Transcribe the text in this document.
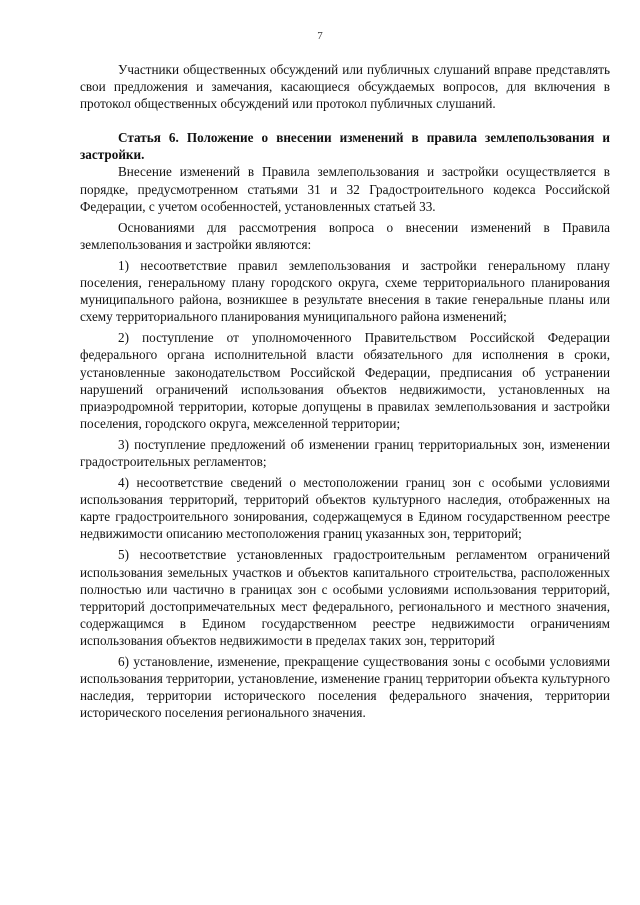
7

Участники общественных обсуждений или публичных слушаний вправе представлять свои предложения и замечания, касающиеся обсуждаемых вопросов, для включения в протокол общественных обсуждений или протокол публичных слушаний.

Статья 6. Положение о внесении изменений в правила землепользования и застройки.

Внесение изменений в Правила землепользования и застройки осуществляется в порядке, предусмотренном статьями 31 и 32 Градостроительного кодекса Российской Федерации, с учетом особенностей, установленных статьей 33.

Основаниями для рассмотрения вопроса о внесении изменений в Правила землепользования и застройки являются:

1) несоответствие правил землепользования и застройки генеральному плану поселения, генеральному плану городского округа, схеме территориального планирования муниципального района, возникшее в результате внесения в такие генеральные планы или схему территориального планирования муниципального района изменений;

2) поступление от уполномоченного Правительством Российской Федерации федерального органа исполнительной власти обязательного для исполнения в сроки, установленные законодательством Российской Федерации, предписания об устранении нарушений ограничений использования объектов недвижимости, установленных на приаэродромной территории, которые допущены в правилах землепользования и застройки поселения, городского округа, межселенной территории;

3) поступление предложений об изменении границ территориальных зон, изменении градостроительных регламентов;

4) несоответствие сведений о местоположении границ зон с особыми условиями использования территорий, территорий объектов культурного наследия, отображенных на карте градостроительного зонирования, содержащемуся в Едином государственном реестре недвижимости описанию местоположения границ указанных зон, территорий;

5) несоответствие установленных градостроительным регламентом ограничений использования земельных участков и объектов капитального строительства, расположенных полностью или частично в границах зон с особыми условиями использования территорий, территорий достопримечательных мест федерального, регионального и местного значения, содержащимся в Едином государственном реестре недвижимости ограничениям использования объектов недвижимости в пределах таких зон, территорий

6) установление, изменение, прекращение существования зоны с особыми условиями использования территории, установление, изменение границ территории объекта культурного наследия, территории исторического поселения федерального значения, территории исторического поселения регионального значения.
